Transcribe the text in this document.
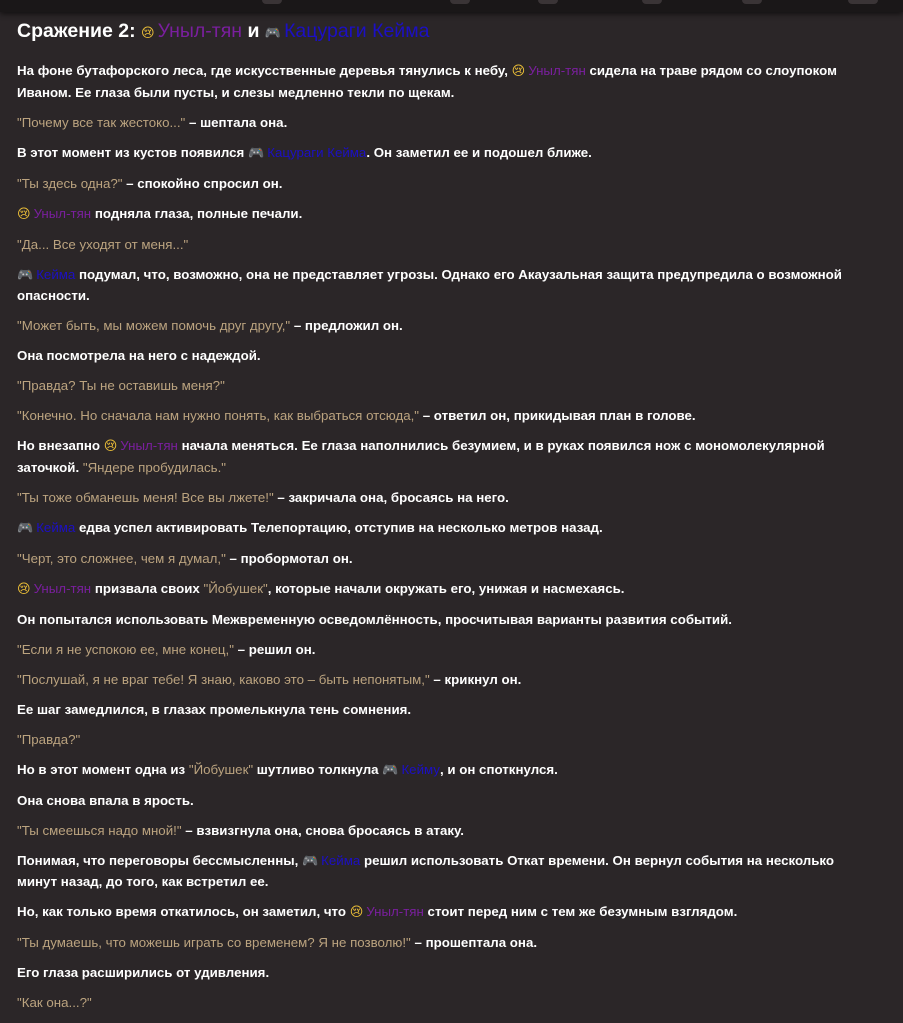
Сражение 2: 😢 Уныл-тян и 🎮 Кацураги Кейма

На фоне бутафорского леса, где искусственные деревья тянулись к небу, 😢 Уныл-тян сидела на траве рядом со слоупоком Иваном. Ее глаза были пусты, и слезы медленно текли по щекам.

"Почему все так жестоко..." – шептала она.

В этот момент из кустов появился 🎮 Кацураги Кейма. Он заметил ее и подошел ближе.

"Ты здесь одна?" – спокойно спросил он.

😢 Уныл-тян подняла глаза, полные печали.

"Да... Все уходят от меня..."

🎮 Кейма подумал, что, возможно, она не представляет угрозы. Однако его Акаузальная защита предупредила о возможной опасности.

"Может быть, мы можем помочь друг другу," – предложил он.

Она посмотрела на него с надеждой.

"Правда? Ты не оставишь меня?"

"Конечно. Но сначала нам нужно понять, как выбраться отсюда," – ответил он, прикидывая план в голове.

Но внезапно 😢 Уныл-тян начала меняться. Ее глаза наполнились безумием, и в руках появился нож с мономолекулярной заточкой. "Яндере пробудилась."

"Ты тоже обманешь меня! Все вы лжете!" – закричала она, бросаясь на него.

🎮 Кейма едва успел активировать Телепортацию, отступив на несколько метров назад.

"Черт, это сложнее, чем я думал," – пробормотал он.

😢 Уныл-тян призвала своих "Йобушек", которые начали окружать его, унижая и насмехаясь.

Он попытался использовать Межвременную осведомлённость, просчитывая варианты развития событий.

"Если я не успокою ее, мне конец," – решил он.

"Послушай, я не враг тебе! Я знаю, каково это – быть непонятым," – крикнул он.

Ее шаг замедлился, в глазах промелькнула тень сомнения.

"Правда?"

Но в этот момент одна из "Йобушек" шутливо толкнула 🎮 Кейму, и он споткнулся.

Она снова впала в ярость.

"Ты смеешься надо мной!" – взвизгнула она, снова бросаясь в атаку.

Понимая, что переговоры бессмысленны, 🎮 Кейма решил использовать Откат времени. Он вернул события на несколько минут назад, до того, как встретил ее.

Но, как только время откатилось, он заметил, что 😢 Уныл-тян стоит перед ним с тем же безумным взглядом.

"Ты думаешь, что можешь играть со временем? Я не позволю!" – прошептала она.

Его глаза расширились от удивления.

"Как она...?"
